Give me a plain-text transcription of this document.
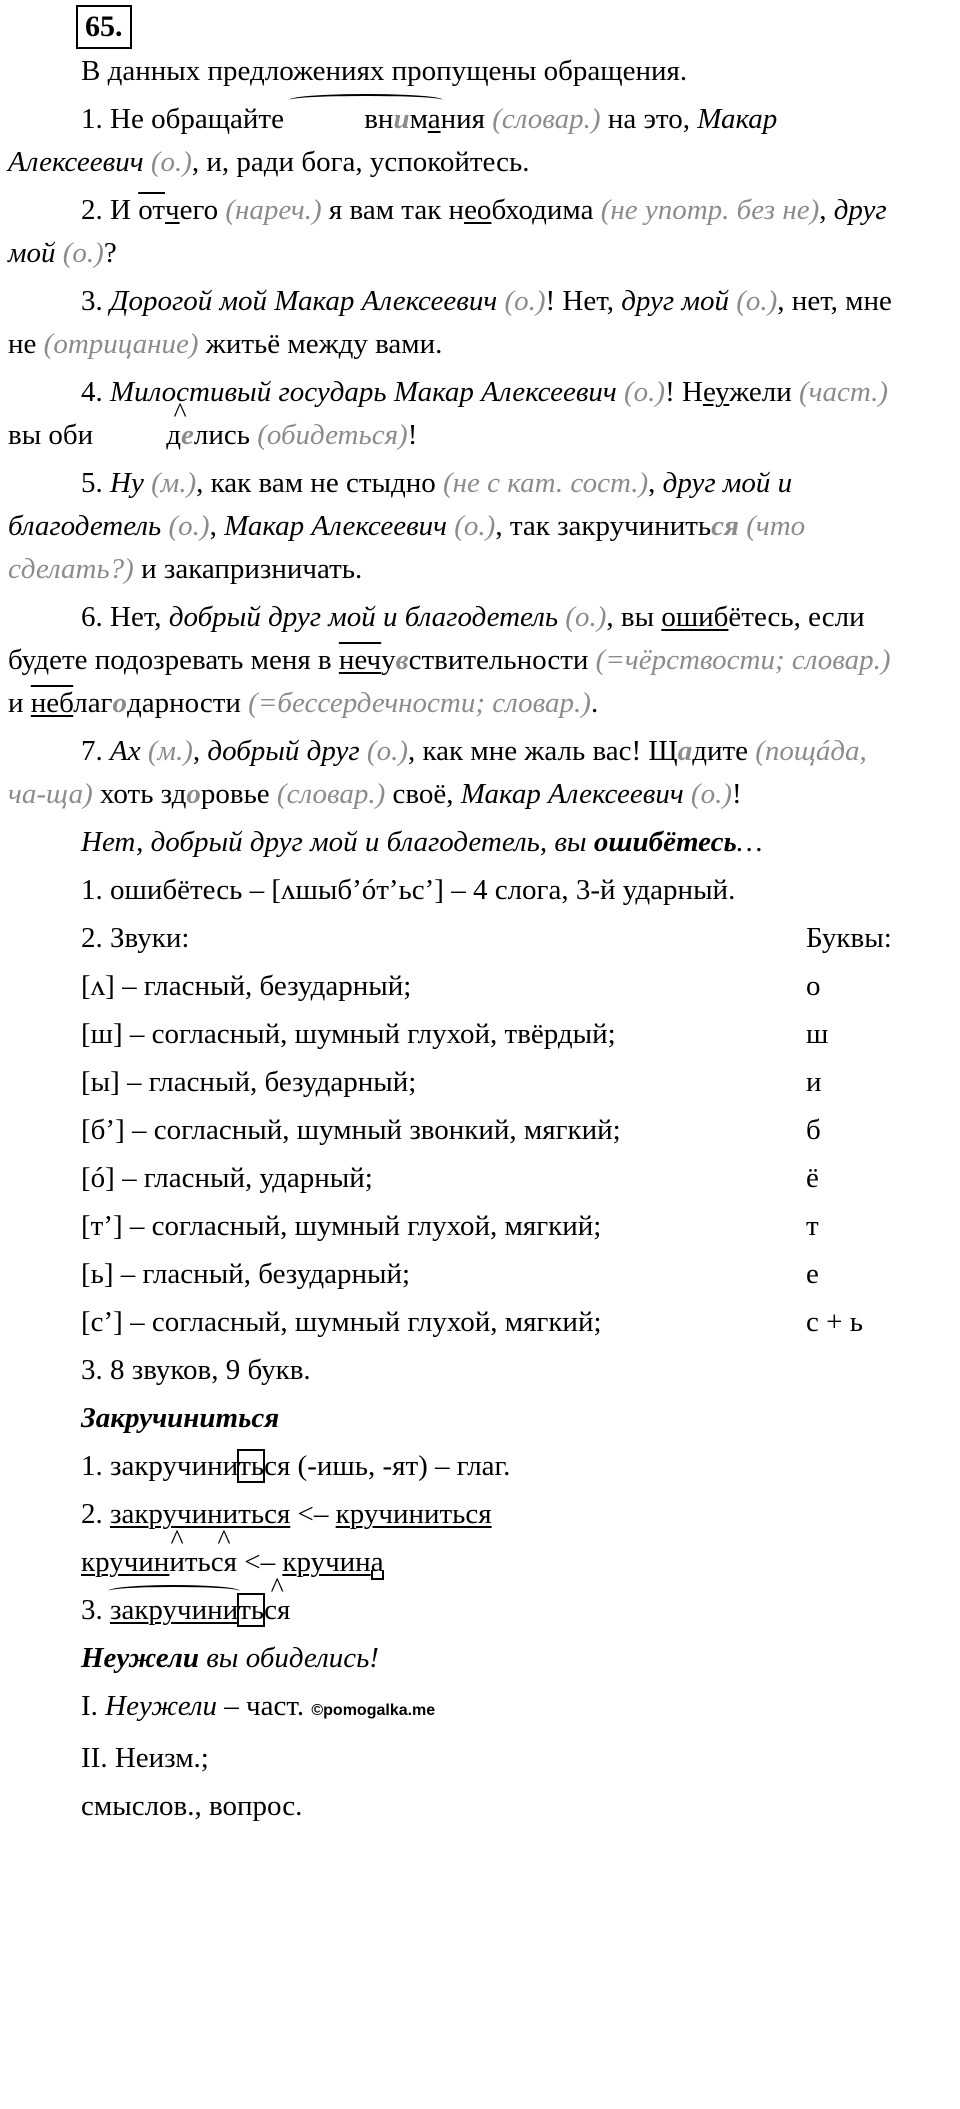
65.

В данных предложениях пропущены обращения.

1. Не обращайте	внимания (словар.) на это, Макар Алексеевич (о.), и, ради бога, успокойтесь.

2. И отчего (нареч.) я вам так необходима (не употр. без не), друг мой (о.)?

3. Дорогой мой Макар Алексеевич (о.)! Нет, друг мой (о.), нет, мне не (отрицание) житьё между вами.

4. Милостивый государь Макар Алексеевич (о.)! Неужели (част.) вы оби	^ делись (обидеться)!

5. Ну (м.), как вам не стыдно (не с кат. сост.), друг мой и благодетель (о.), Макар Алексеевич (о.), так закручиниться (что сделать?) и закапризничать.

6. Нет, добрый друг мой и благодетель (о.), вы ошибётесь, если будете подозревать меня в нечувствительности (=чёрствости; словар.) и неблагодарности (=бессердечности; словар.).

7. Ах (м.), добрый друг (о.), как мне жаль вас! Щадите (пощáда, ча-ща) хоть здоровье (словар.) своё, Макар Алексеевич (о.)!

Нет, добрый друг мой и благодетель, вы ошибётесь…

1. ошибётесь – [ʌшыб’óт’ьс’] – 4 слога, 3-й ударный.
2. Звуки:	Буквы:
[ʌ] – гласный, безударный;	о
[ш] – согласный, шумный глухой, твёрдый;	ш
[ы] – гласный, безударный;	и
[б’] – согласный, шумный звонкий, мягкий;	б
[ó] – гласный, ударный;	ё
[т’] – согласный, шумный глухой, мягкий;	т
[ь] – гласный, безударный;	е
[с’] – согласный, шумный глухой, мягкий;	с + ь
3. 8 звуков, 9 букв.
Закручиниться
1. закручиниться (-ишь, -ят) – глаг.
2. закручиниться <– кручиниться
кручин^ ить^ ся <– кручина
3. закручинить^ ся
Неужели вы обиделись!
I. Неужели – част. ©pomogalka.me
II. Неизм.;
смыслов., вопрос.
